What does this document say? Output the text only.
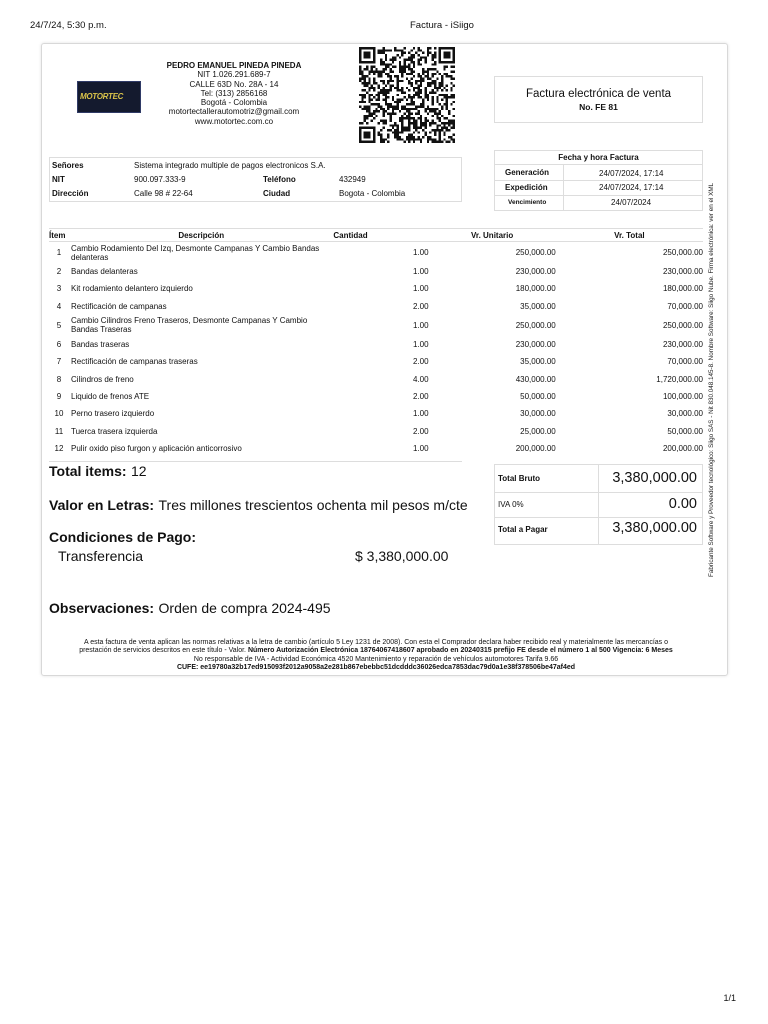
24/7/24, 5:30 p.m.	Factura - iSiigo
MOTORTEC
PEDRO EMANUEL PINEDA PINEDA
NIT 1.026.291.689-7
CALLE 63D No. 28A - 14
Tel: (313) 2856168
Bogotá - Colombia
motortectallerautomotriz@gmail.com
www.motortec.com.co
Factura electrónica de venta
No. FE 81
Señores	Sistema integrado multiple de pagos electronicos S.A.
NIT	900.097.333-9	Teléfono	432949
Dirección	Calle 98 # 22-64	Ciudad	Bogota - Colombia
Fecha y hora Factura
Generación	24/07/2024, 17:14
Expedición	24/07/2024, 17:14
Vencimiento	24/07/2024
Ítem	Descripción	Cantidad	Vr. Unitario	Vr. Total
1	Cambio Rodamiento Del Izq, Desmonte Campanas Y Cambio Bandas delanteras	1.00	250,000.00	250,000.00
2	Bandas delanteras	1.00	230,000.00	230,000.00
3	Kit rodamiento delantero izquierdo	1.00	180,000.00	180,000.00
4	Rectificación de campanas	2.00	35,000.00	70,000.00
5	Cambio Cilindros Freno Traseros, Desmonte Campanas Y Cambio Bandas Traseras	1.00	250,000.00	250,000.00
6	Bandas traseras	1.00	230,000.00	230,000.00
7	Rectificación de campanas traseras	2.00	35,000.00	70,000.00
8	Cilindros de freno	4.00	430,000.00	1,720,000.00
9	Liquido de frenos ATE	2.00	50,000.00	100,000.00
10	Perno trasero izquierdo	1.00	30,000.00	30,000.00
11	Tuerca trasera izquierda	2.00	25,000.00	50,000.00
12	Pulir oxido piso furgon y aplicación anticorrosivo	1.00	200,000.00	200,000.00
Total items: 12
Valor en Letras: Tres millones trescientos ochenta mil pesos m/cte
Condiciones de Pago:
Transferencia	$ 3,380,000.00
Observaciones: Orden de compra 2024-495
Total Bruto	3,380,000.00
IVA 0%	0.00
Total a Pagar	3,380,000.00
A esta factura de venta aplican las normas relativas a la letra de cambio (artículo 5 Ley 1231 de 2008). Con esta el Comprador declara haber recibido real y materialmente las mercancías o
prestación de servicios descritos en este título - Valor. Número Autorización Electrónica 18764067418607 aprobado en 20240315 prefijo FE desde el número 1 al 500 Vigencia: 6 Meses
No responsable de IVA - Actividad Económica 4520 Mantenimiento y reparación de vehículos automotores Tarifa 9.66
CUFE: ee19780a32b17ed915093f2012a9058a2e281b867ebebbc51dcdddc36026edca7853dac79d0a1e38f378506be47af4ed
Fabricante Software y Proveedor tecnológico: Siigo SAS - Nit 830.048.145-8. Nombre Software: Siigo Nube. Firma electrónica: ver en el XML
1/1
